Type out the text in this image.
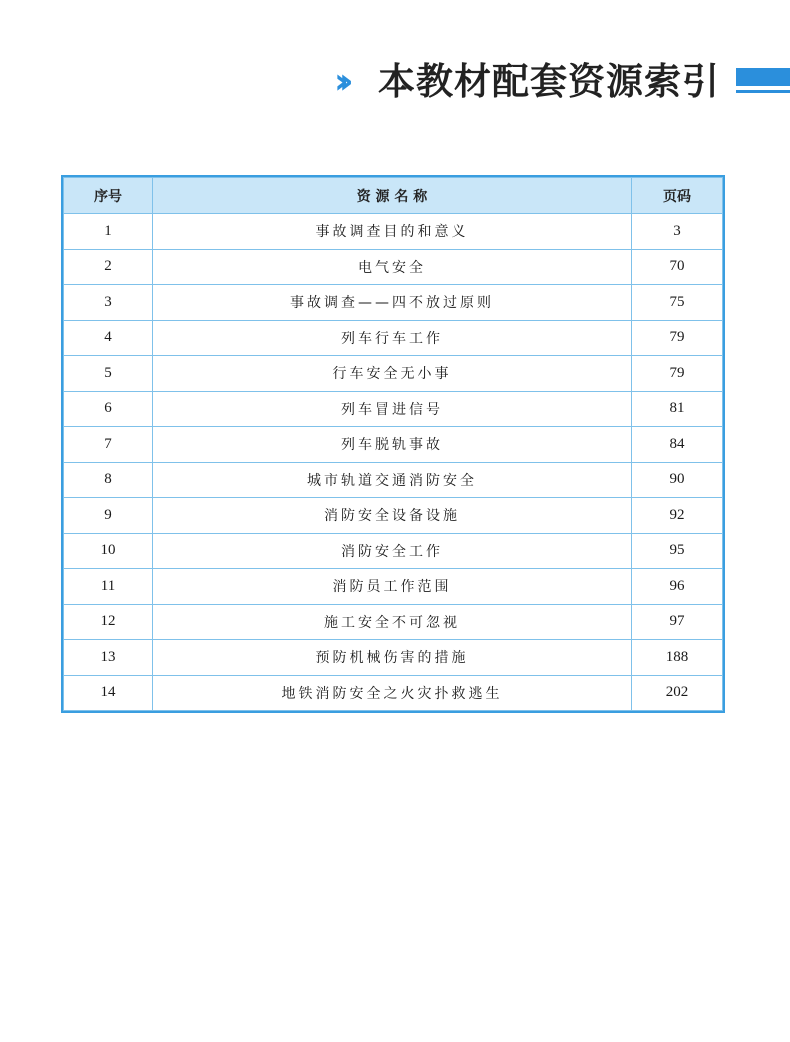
›› 本教材配套资源索引
序号	资 源 名 称	页码
1	事故调查目的和意义	3
2	电气安全	70
3	事故调查——四不放过原则	75
4	列车行车工作	79
5	行车安全无小事	79
6	列车冒进信号	81
7	列车脱轨事故	84
8	城市轨道交通消防安全	90
9	消防安全设备设施	92
10	消防安全工作	95
11	消防员工作范围	96
12	施工安全不可忽视	97
13	预防机械伤害的措施	188
14	地铁消防安全之火灾扑救逃生	202
